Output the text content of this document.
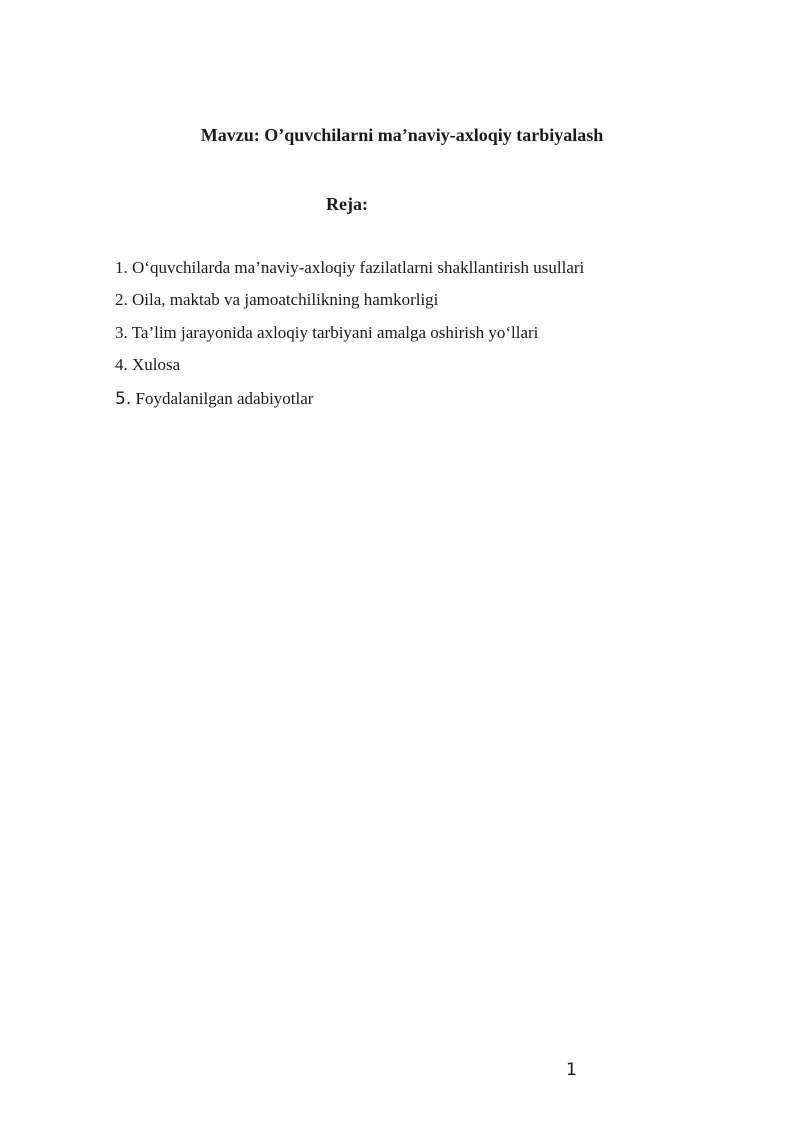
Mavzu: O’quvchilarni ma’naviy-axloqiy tarbiyalash
Reja:
1. O‘quvchilarda ma’naviy-axloqiy fazilatlarni shakllantirish usullari
2. Oila, maktab va jamoatchilikning hamkorligi
3. Ta’lim jarayonida axloqiy tarbiyani amalga oshirish yo‘llari
4. Xulosa
5. Foydalanilgan adabiyotlar
1
